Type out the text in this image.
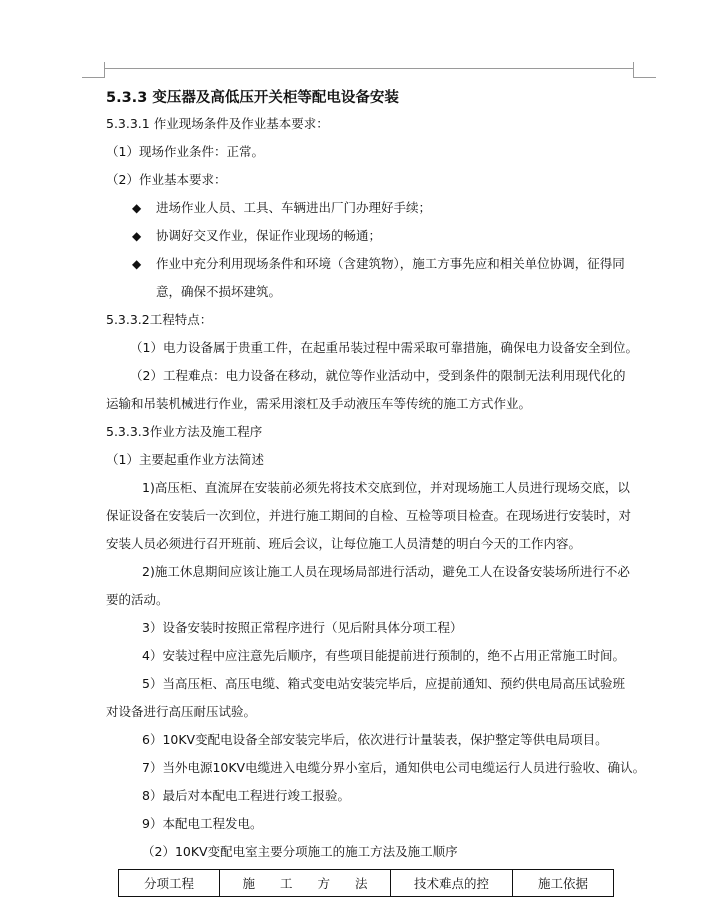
5.3.3 变压器及高低压开关柜等配电设备安装
5.3.3.1 作业现场条件及作业基本要求：
（1）现场作业条件：正常。
（2）作业基本要求：
◆ 进场作业人员、工具、车辆进出厂门办理好手续；
◆ 协调好交叉作业，保证作业现场的畅通；
◆ 作业中充分利用现场条件和环境（含建筑物），施工方事先应和相关单位协调，征得同
意，确保不损坏建筑。
5.3.3.2工程特点：
（1）电力设备属于贵重工件，在起重吊装过程中需采取可靠措施，确保电力设备安全到位。
（2）工程难点：电力设备在移动，就位等作业活动中，受到条件的限制无法利用现代化的
运输和吊装机械进行作业，需采用滚杠及手动液压车等传统的施工方式作业。
5.3.3.3作业方法及施工程序
（1）主要起重作业方法简述
1)高压柜、直流屏在安装前必须先将技术交底到位，并对现场施工人员进行现场交底，以
保证设备在安装后一次到位，并进行施工期间的自检、互检等项目检查。在现场进行安装时，对
安装人员必须进行召开班前、班后会议，让每位施工人员清楚的明白今天的工作内容。
2)施工休息期间应该让施工人员在现场局部进行活动，避免工人在设备安装场所进行不必
要的活动。
3）设备安装时按照正常程序进行（见后附具体分项工程）
4）安装过程中应注意先后顺序，有些项目能提前进行预制的，绝不占用正常施工时间。
5）当高压柜、高压电缆、箱式变电站安装完毕后，应提前通知、预约供电局高压试验班
对设备进行高压耐压试验。
6）10KV变配电设备全部安装完毕后，依次进行计量装表，保护整定等供电局项目。
7）当外电源10KV电缆进入电缆分界小室后，通知供电公司电缆运行人员进行验收、确认。
8）最后对本配电工程进行竣工报验。
9）本配电工程发电。
（2）10KV变配电室主要分项施工的施工方法及施工顺序
分项工程	施　　工　　方　　法	技术难点的控	施工依据
